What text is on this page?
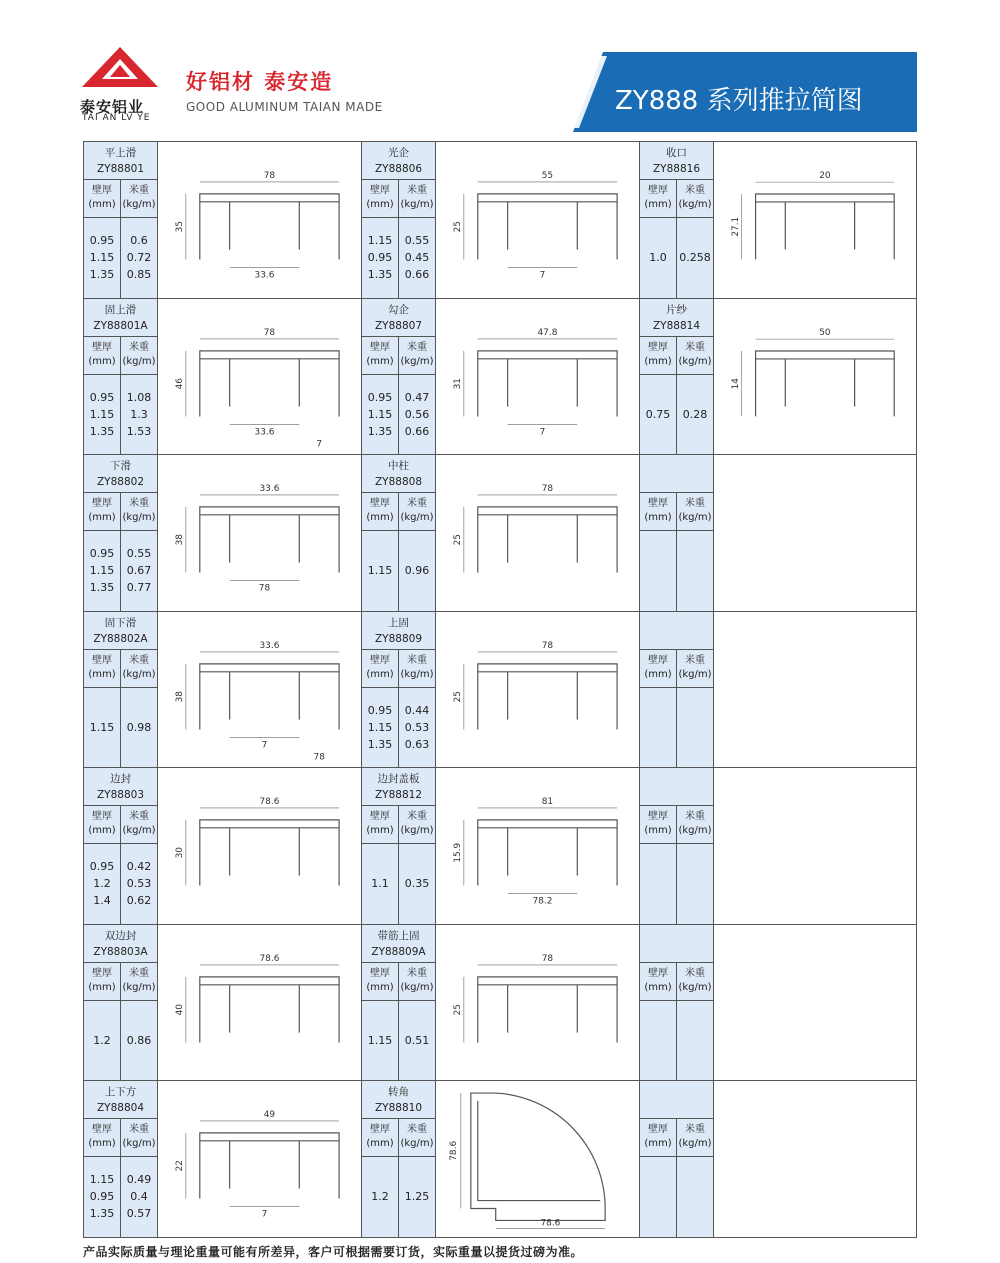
泰安铝业
TAI AN LV YE
好铝材 泰安造
GOOD ALUMINUM TAIAN MADE	ZY888 系列推拉简图
平上滑
ZY88801
壁厚
(mm)
米重
(kg/m)
0.95
1.15
1.35
0.6
0.72
0.85
78
35
33.6
光企
ZY88806
壁厚
(mm)
米重
(kg/m)
1.15
0.95
1.35
0.55
0.45
0.66
55
25
7
收口
ZY88816
壁厚
(mm)
米重
(kg/m)
1.0 0.258
20
27.1
固上滑
ZY88801A
壁厚
(mm)
米重
(kg/m)
0.95
1.15
1.35
1.08
1.3
1.53
78
46
33.6
7
勾企
ZY88807
壁厚
(mm)
米重
(kg/m)
0.95
1.15
1.35
0.47
0.56
0.66
47.8
31
7
片纱
ZY88814
壁厚
(mm)
米重
(kg/m)
0.75 0.28
50
14
下滑
ZY88802
壁厚
(mm)
米重
(kg/m)
0.95
1.15
1.35
0.55
0.67
0.77
33.6
38
78
中柱
ZY88808
壁厚
(mm)
米重
(kg/m)
1.15 0.96
78
25
壁厚
(mm)
米重
(kg/m)
固下滑
ZY88802A
壁厚
(mm)
米重
(kg/m)
1.15 0.98
33.6
38
7
78
上固
ZY88809
壁厚
(mm)
米重
(kg/m)
0.95
1.15
1.35
0.44
0.53
0.63
78
25
壁厚
(mm)
米重
(kg/m)
边封
ZY88803
壁厚
(mm)
米重
(kg/m)
0.95
1.2
1.4
0.42
0.53
0.62
78.6
30
边封盖板
ZY88812
壁厚
(mm)
米重
(kg/m)
1.1 0.35
81
15.9
78.2
壁厚
(mm)
米重
(kg/m)
双边封
ZY88803A
壁厚
(mm)
米重
(kg/m)
1.2 0.86
78.6
40
带筋上固
ZY88809A
壁厚
(mm)
米重
(kg/m)
1.15 0.51
78
25
壁厚
(mm)
米重
(kg/m)
上下方
ZY88804
壁厚
(mm)
米重
(kg/m)
1.15
0.95
1.35
0.49
0.4
0.57
49
22
7
转角
ZY88810
壁厚
(mm)
米重
(kg/m)
1.2 1.25
78.6
78.6
壁厚
(mm)
米重
(kg/m)
产品实际质量与理论重量可能有所差异，客户可根据需要订货，实际重量以提货过磅为准。
